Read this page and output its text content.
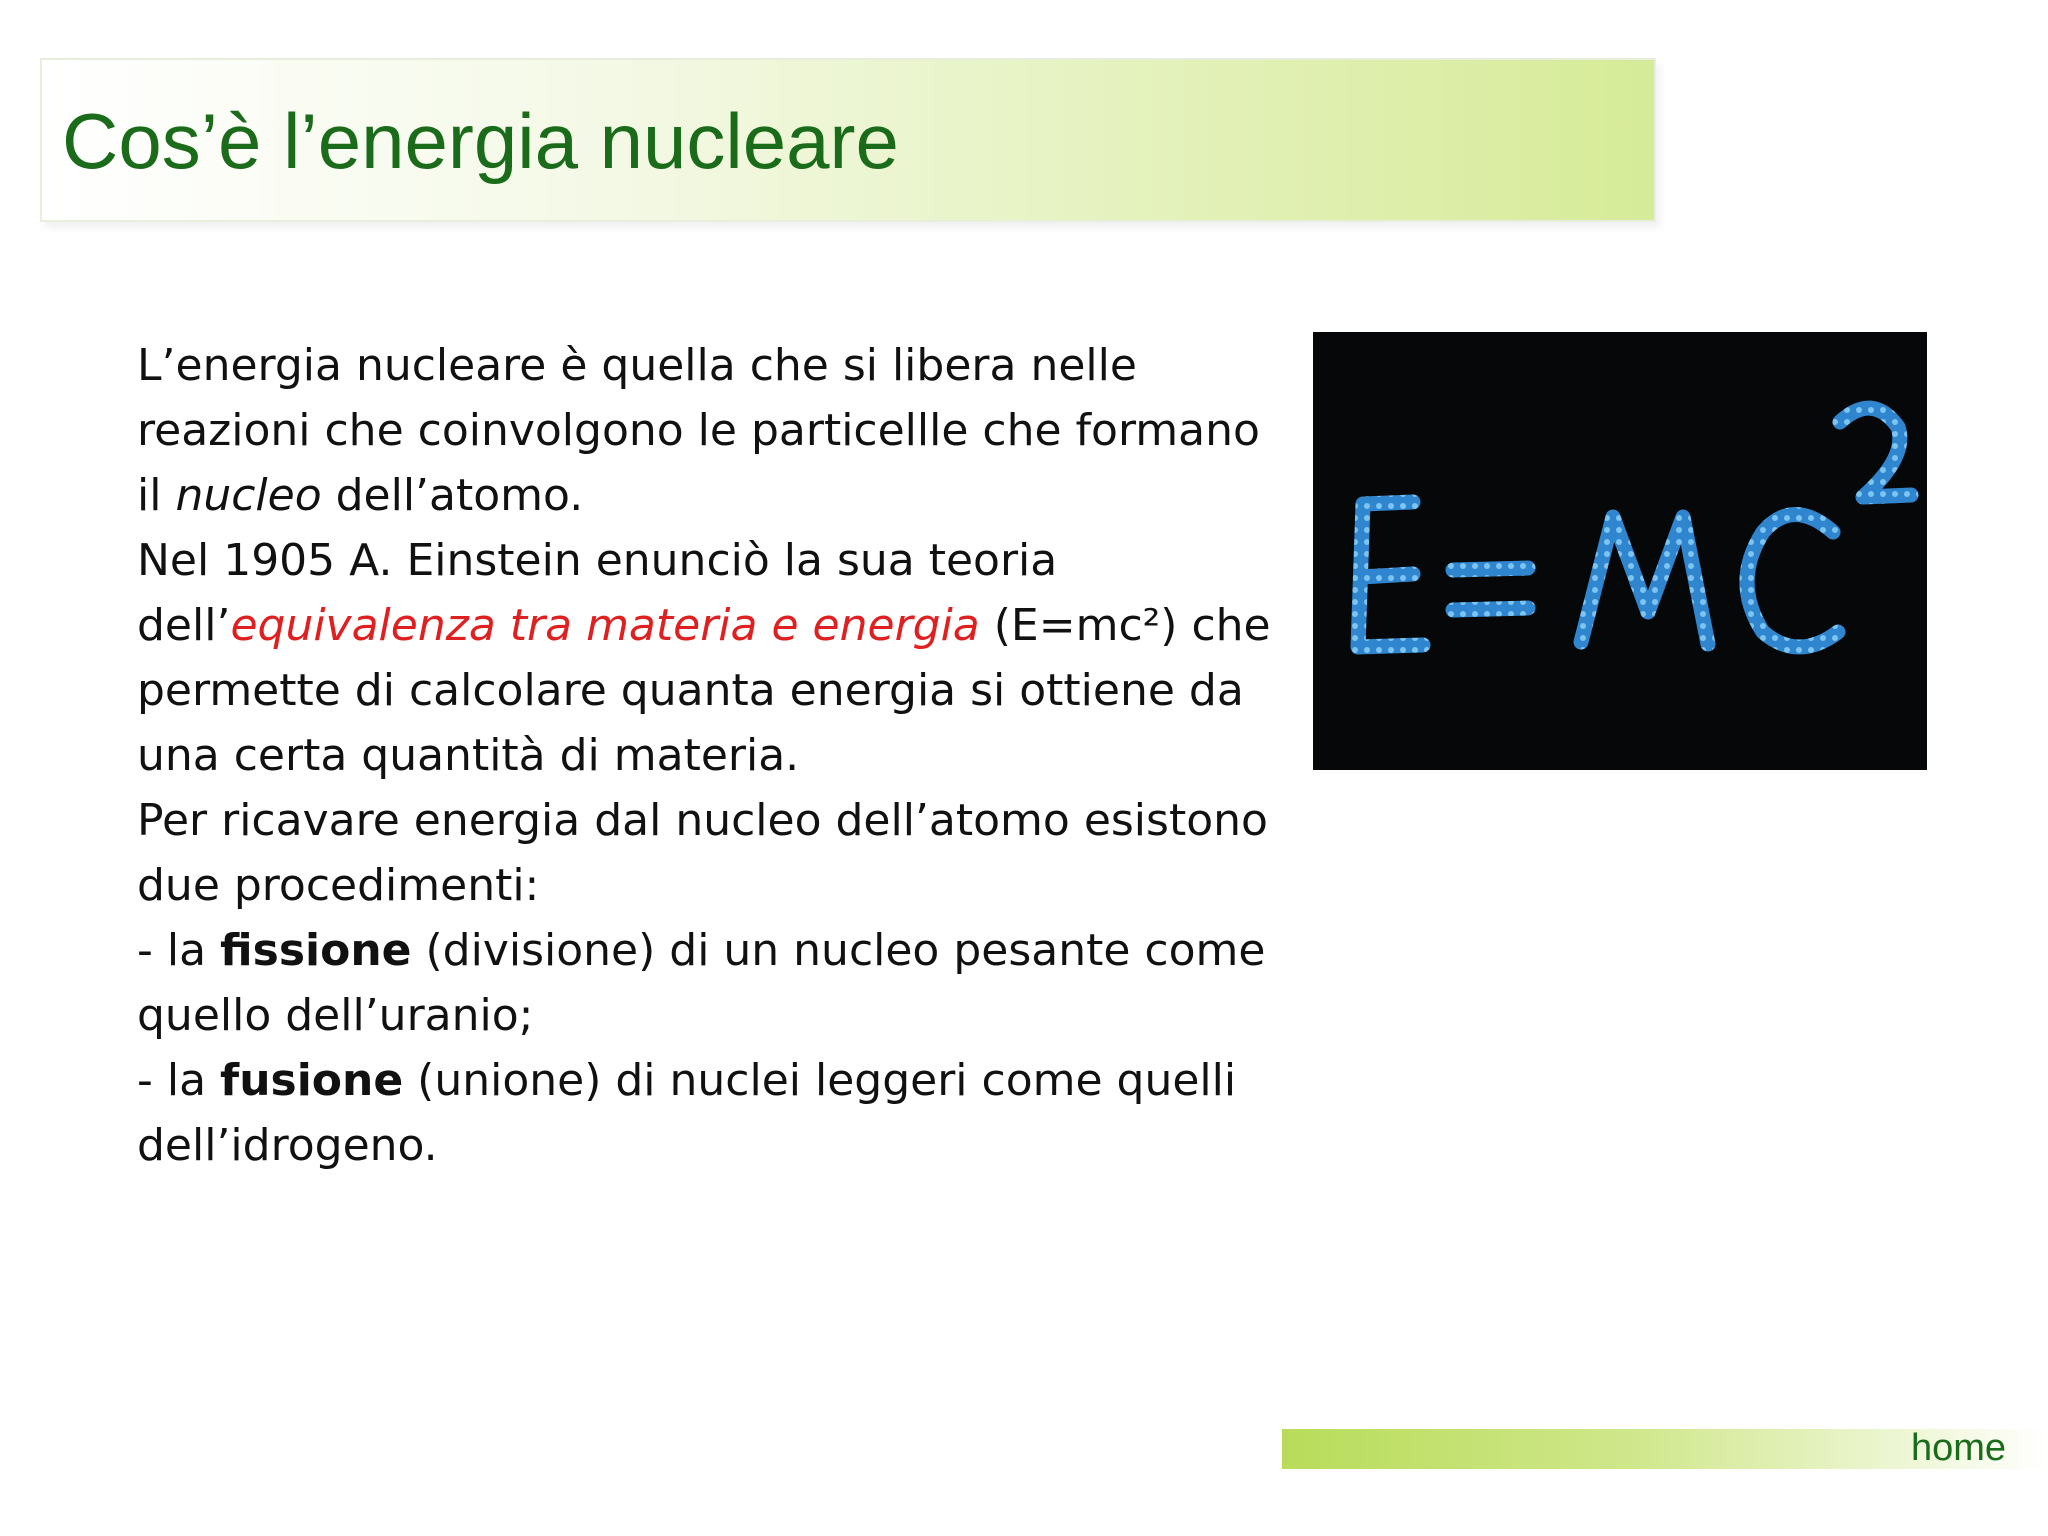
Cos’è l’energia nucleare

L’energia nucleare è quella che si libera nelle reazioni che coinvolgono le particellle che formano il nucleo dell’atomo.

Nel 1905 A. Einstein enunciò la sua teoria dell’equivalenza tra materia e energia (E=mc²) che permette di calcolare quanta energia si ottiene da una certa quantità di materia.

Per ricavare energia dal nucleo dell’atomo esistono due procedimenti:

- la fissione (divisione) di un nucleo pesante come quello dell’uranio;

- la fusione (unione) di nuclei leggeri come quelli dell’idrogeno.

home
